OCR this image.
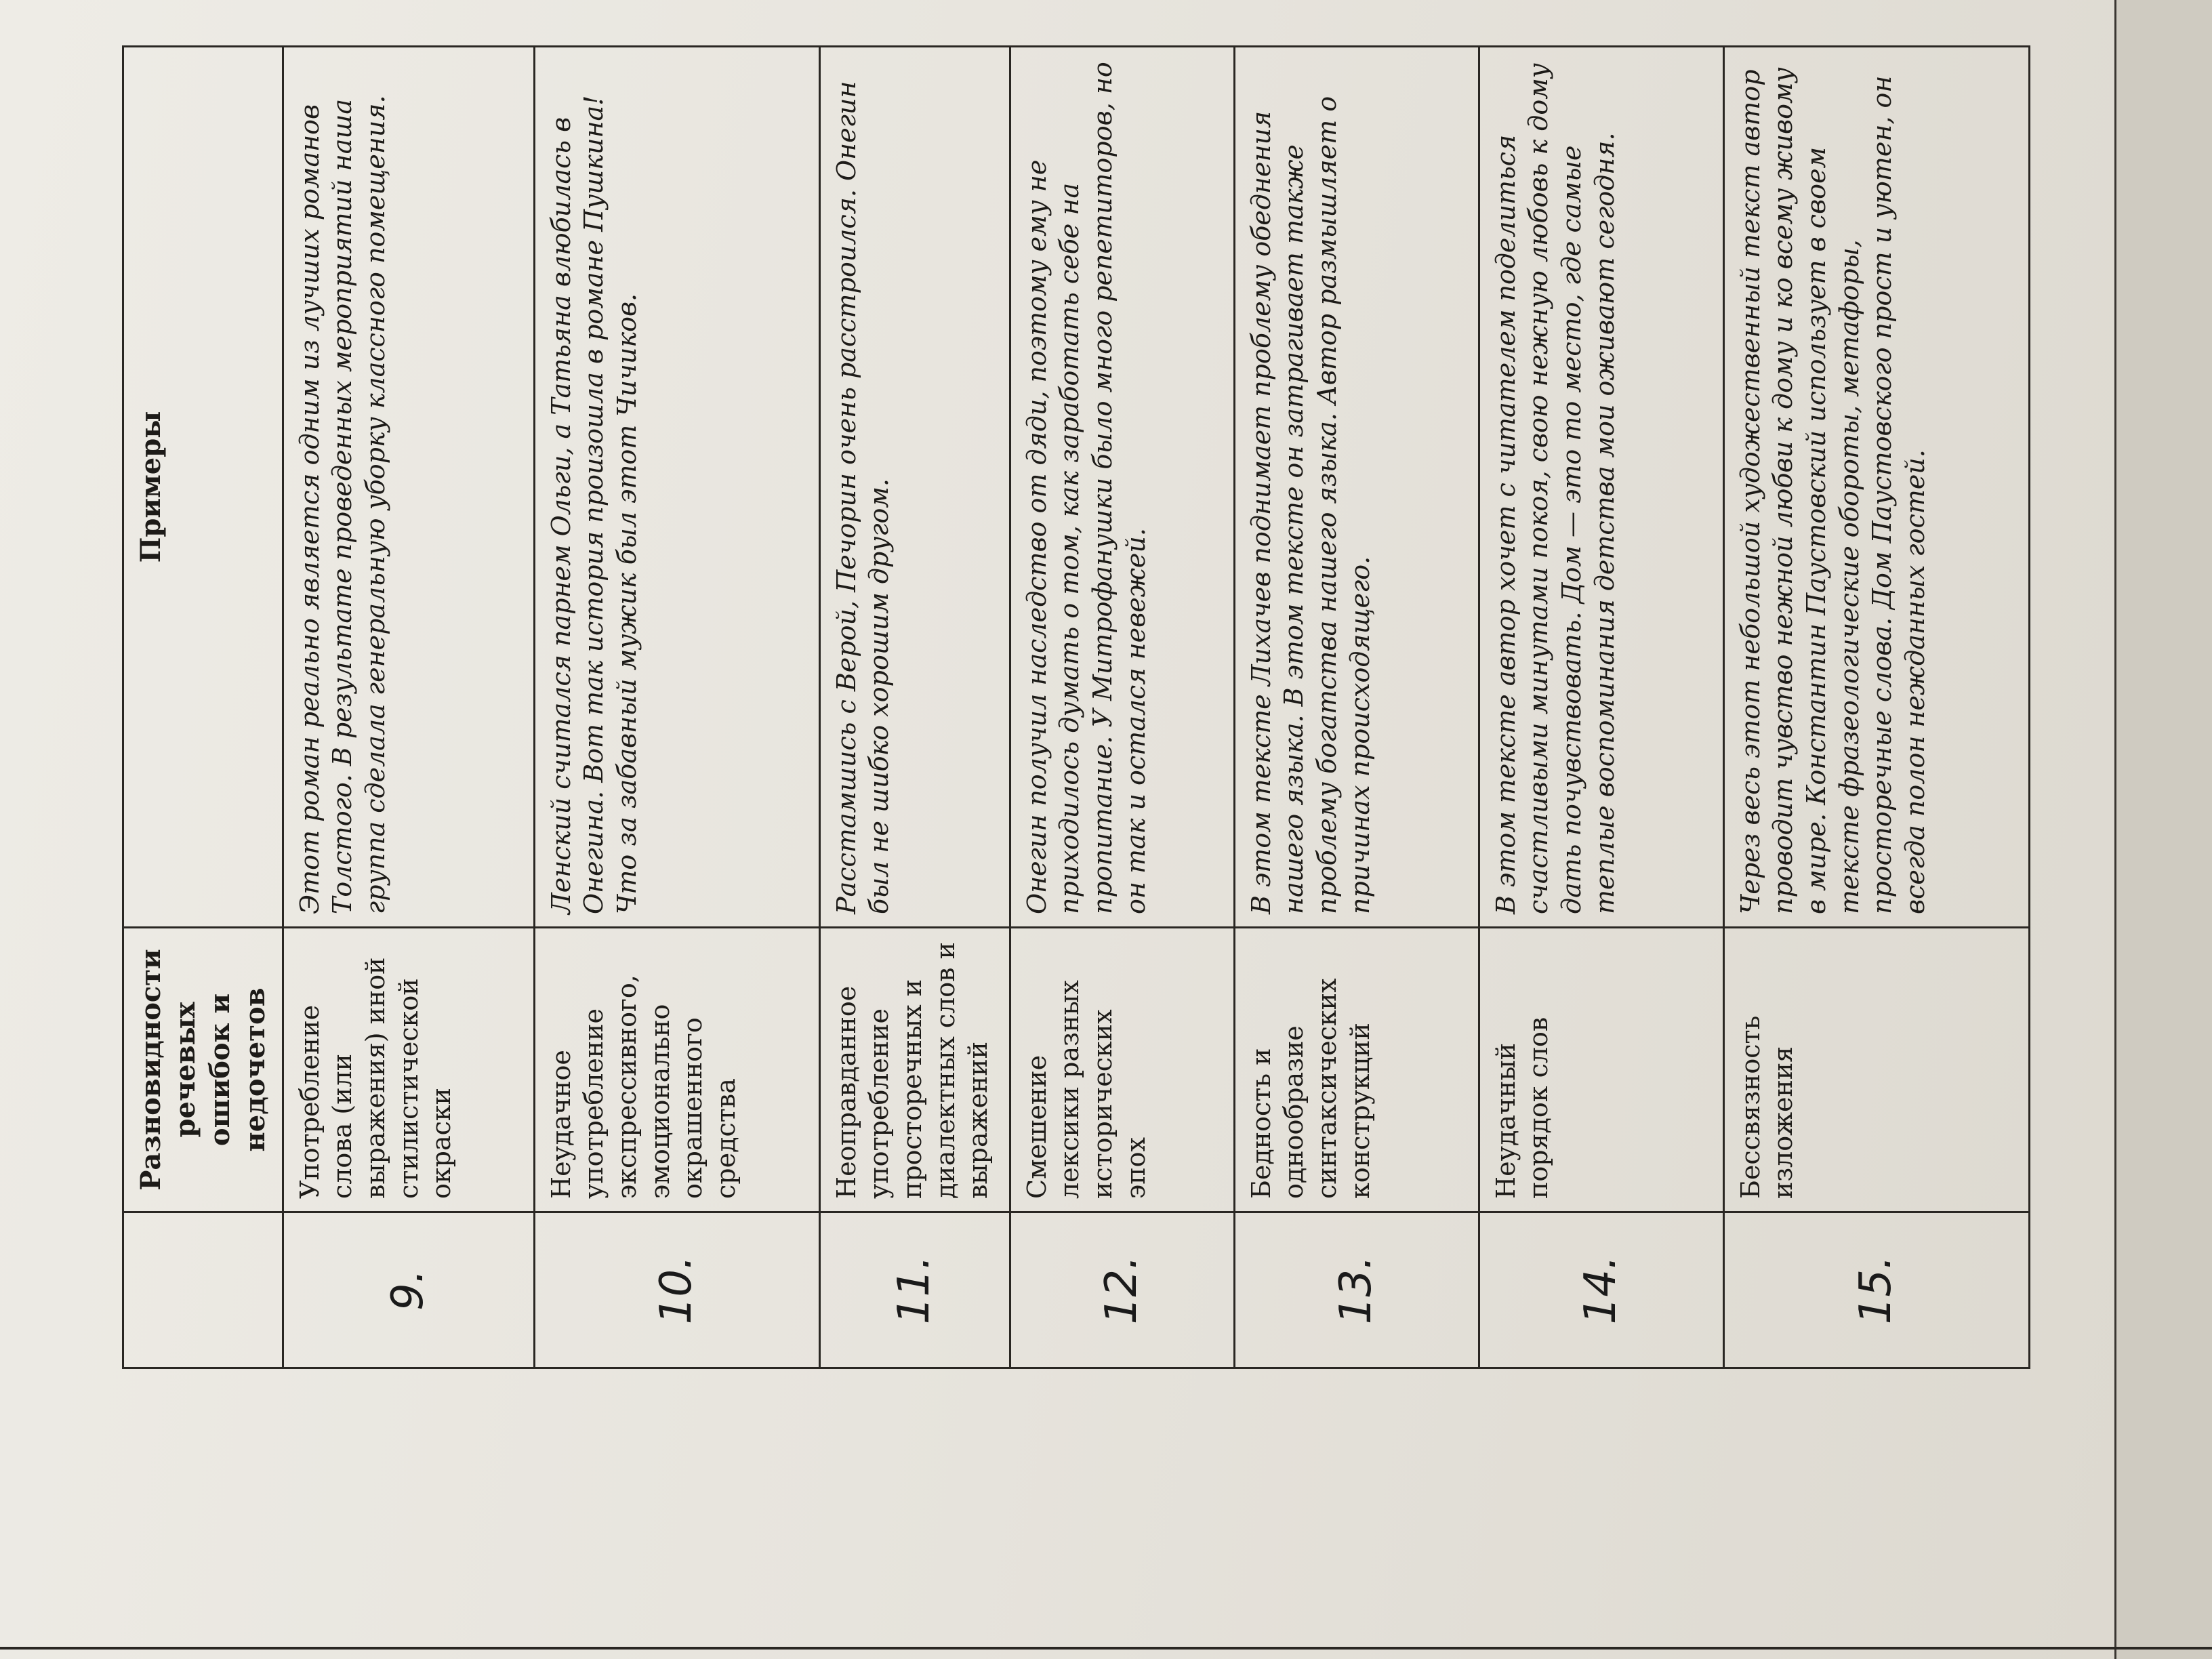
	Разновидности речевых ошибок и недочетов	Примеры
9.	Употребление слова (или выражения) иной стилистической окраски	Этот роман реально является одним из лучших романов Толстого. В результате проведенных мероприятий наша группа сделала генеральную уборку классного помещения.
10.	Неудачное употребление экспрессивного, эмоционально окрашенного средства	Ленский считался парнем Ольги, а Татьяна влюбилась в Онегина. Вот так история произошла в романе Пушкина! Что за забавный мужик был этот Чичиков.
11.	Неоправданное употребление просторечных и диалектных слов и выражений	Расстамшись с Верой, Печорин очень расстроился. Онегин был не шибко хорошим другом.
12.	Смешение лексики разных исторических эпох	Онегин получил наследство от дяди, поэтому ему не приходилось думать о том, как заработать себе на пропитание. У Митрофанушки было много репетиторов, но он так и остался невежей.
13.	Бедность и однообразие синтаксических конструкций	В этом тексте Лихачев поднимает проблему обеднения нашего языка. В этом тексте он затрагивает также проблему богатства нашего языка. Автор размышляет о причинах происходящего.
14.	Неудачный порядок слов	В этом тексте автор хочет с читателем поделиться счастливыми минутами покоя, свою нежную любовь к дому дать почувствовать. Дом — это то место, где самые теплые воспоминания детства мои оживают сегодня.
15.	Бессвязность изложения	Через весь этот небольшой художественный текст автор проводит чувство нежной любви к дому и ко всему живому в мире. Константин Паустовский использует в своем тексте фразеологические обороты, метафоры, просторечные слова. Дом Паустовского прост и уютен, он всегда полон нежданных гостей.
